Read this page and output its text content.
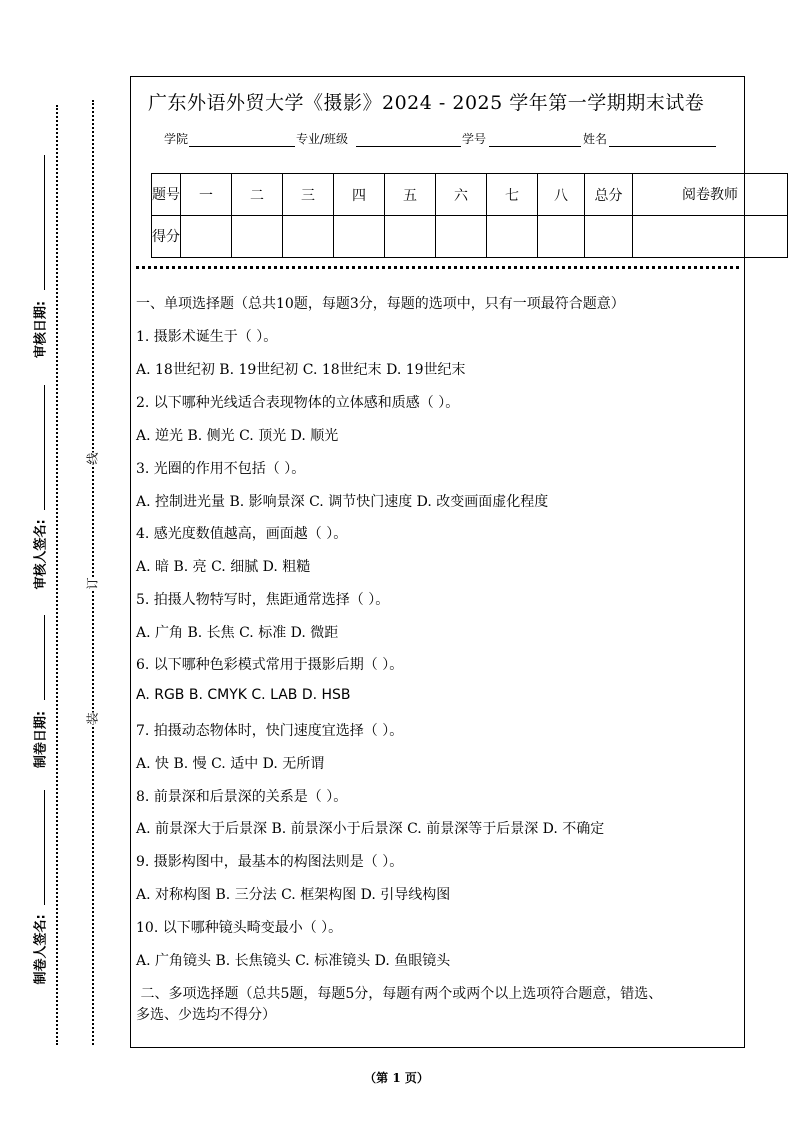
审核日期:
审核人签名:
制卷日期:
制卷人签名:
线
订
装
广东外语外贸大学《摄影》2024 - 2025 学年第一学期期末试卷
学院	专业/班级	学号	姓名
题号	一	二	三	四	五	六	七	八	总分	阅卷教师
得分										
一、单项选择题（总共10题，每题3分，每题的选项中，只有一项最符合题意）
1. 摄影术诞生于（ ）。
A. 18世纪初 B. 19世纪初 C. 18世纪末 D. 19世纪末
2. 以下哪种光线适合表现物体的立体感和质感（ ）。
A. 逆光 B. 侧光 C. 顶光 D. 顺光
3. 光圈的作用不包括（ ）。
A. 控制进光量 B. 影响景深 C. 调节快门速度 D. 改变画面虚化程度
4. 感光度数值越高，画面越（ ）。
A. 暗 B. 亮 C. 细腻 D. 粗糙
5. 拍摄人物特写时，焦距通常选择（ ）。
A. 广角 B. 长焦 C. 标准 D. 微距
6. 以下哪种色彩模式常用于摄影后期（ ）。
A. RGB B. CMYK C. LAB D. HSB
7. 拍摄动态物体时，快门速度宜选择（ ）。
A. 快 B. 慢 C. 适中 D. 无所谓
8. 前景深和后景深的关系是（ ）。
A. 前景深大于后景深 B. 前景深小于后景深 C. 前景深等于后景深 D. 不确定
9. 摄影构图中，最基本的构图法则是（ ）。
A. 对称构图 B. 三分法 C. 框架构图 D. 引导线构图
10. 以下哪种镜头畸变最小（ ）。
A. 广角镜头 B. 长焦镜头 C. 标准镜头 D. 鱼眼镜头
二、多项选择题（总共5题，每题5分，每题有两个或两个以上选项符合题意，错选、
多选、少选均不得分）
（第 1 页）
